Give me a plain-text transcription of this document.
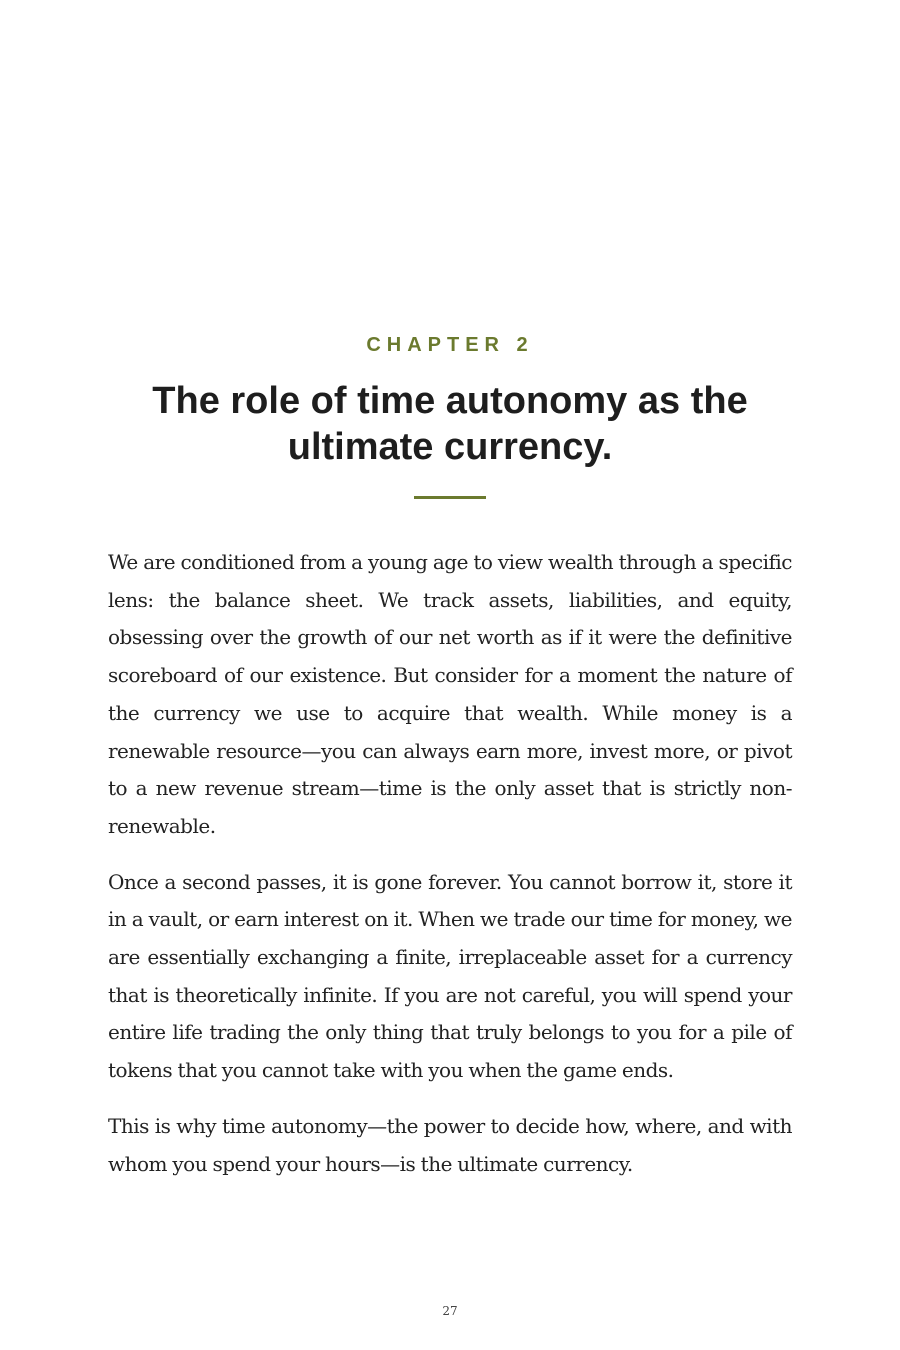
CHAPTER 2
The role of time autonomy as the
ultimate currency.

We are conditioned from a young age to view wealth through a specific lens: the balance sheet. We track assets, liabilities, and equity, obsessing over the growth of our net worth as if it were the definitive scoreboard of our existence. But consider for a moment the nature of the currency we use to acquire that wealth. While money is a renewable resource—you can always earn more, invest more, or pivot to a new revenue stream—time is the only asset that is strictly non-renewable.

Once a second passes, it is gone forever. You cannot borrow it, store it in a vault, or earn interest on it. When we trade our time for money, we are essentially exchanging a finite, irreplaceable asset for a currency that is theoretically infinite. If you are not careful, you will spend your entire life trading the only thing that truly belongs to you for a pile of tokens that you cannot take with you when the game ends.

This is why time autonomy—the power to decide how, where, and with whom you spend your hours—is the ultimate currency.

27
